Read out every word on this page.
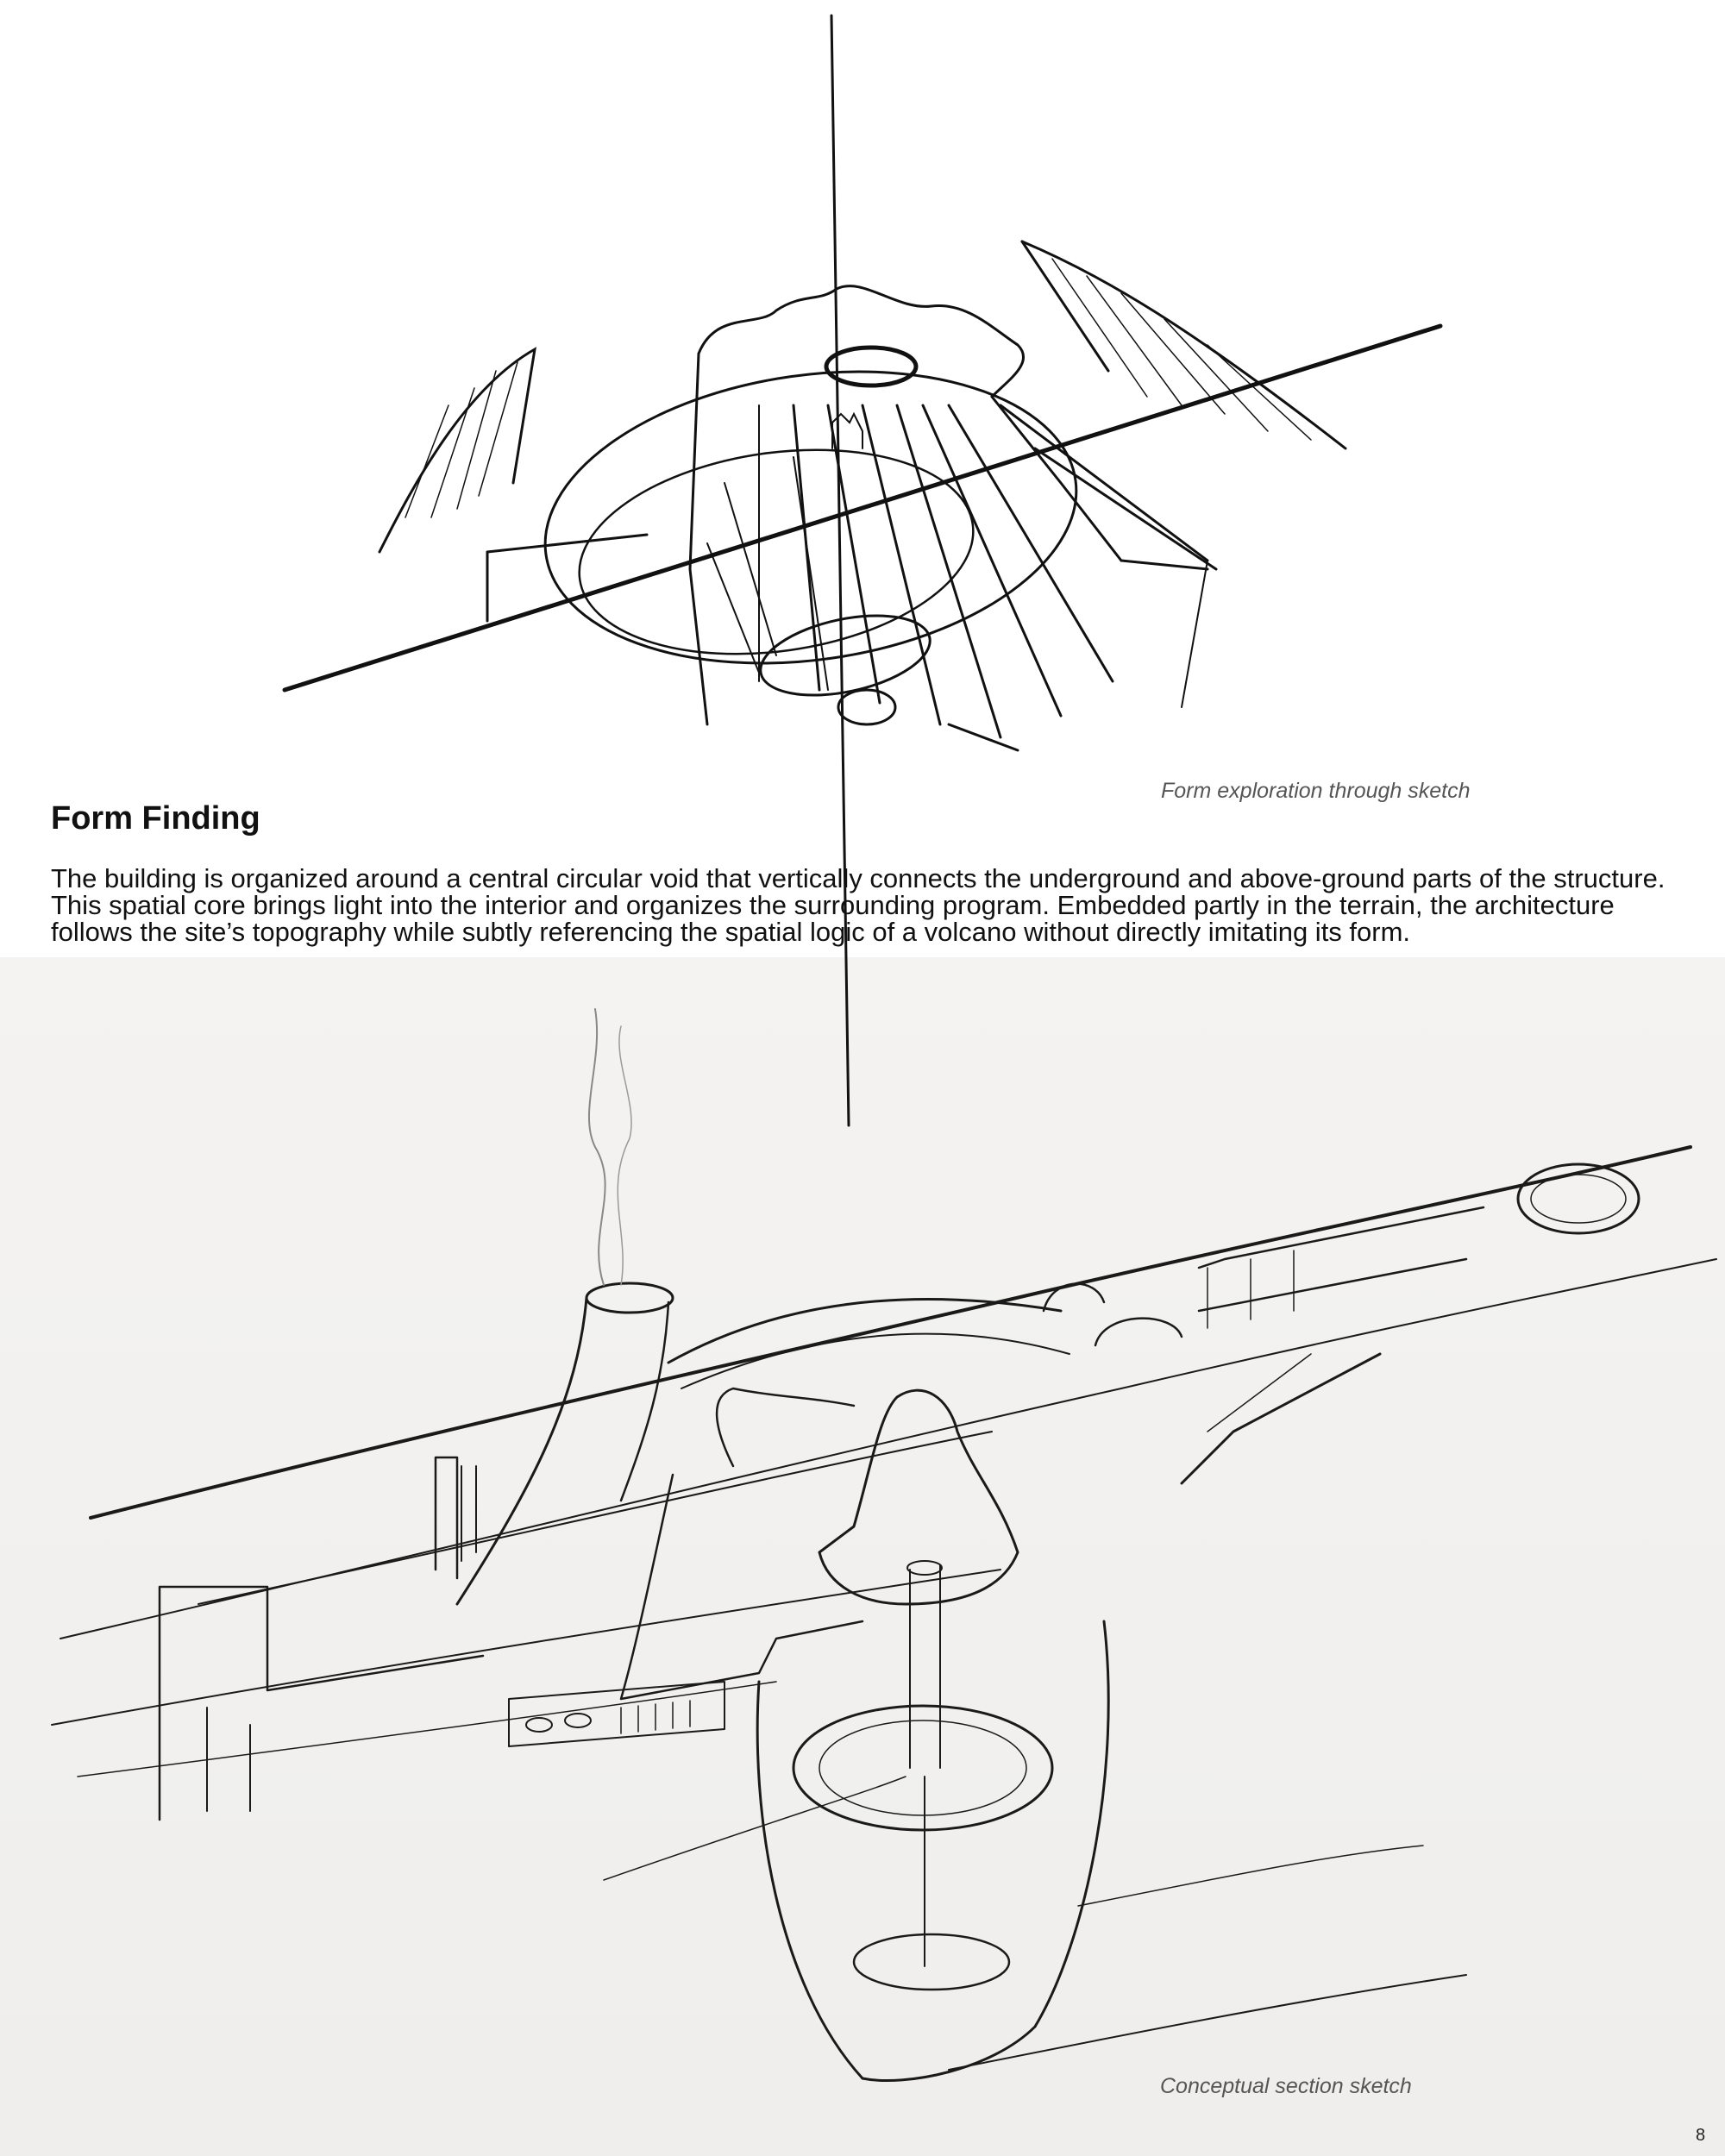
Form exploration through sketch

Form Finding

The building is organized around a central circular void that vertically connects the underground and above-ground parts of the structure. This spatial core brings light into the interior and organizes the surrounding program. Embedded partly in the terrain, the architecture follows the site’s topography while subtly referencing the spatial logic of a volcano without directly imitating its form.

Conceptual section sketch

8
